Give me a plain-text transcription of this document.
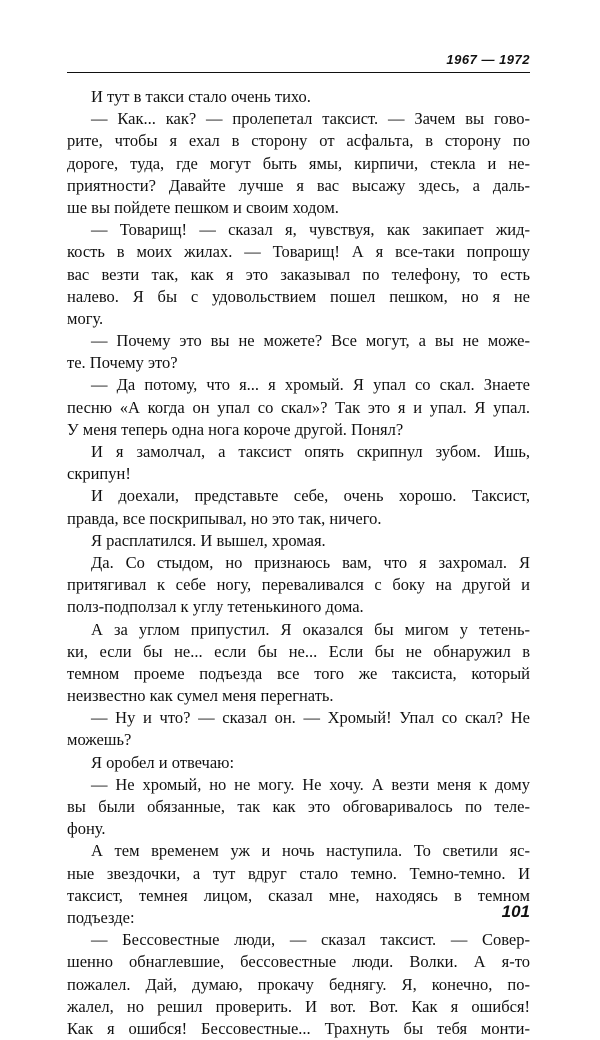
1967 — 1972
И тут в такси стало очень тихо.
— Как... как? — пролепетал таксист. — Зачем вы гово-
рите, чтобы я ехал в сторону от асфальта, в сторону по
дороге, туда, где могут быть ямы, кирпичи, стекла и не-
приятности? Давайте лучше я вас высажу здесь, а даль-
ше вы пойдете пешком и своим ходом.
— Товарищ! — сказал я, чувствуя, как закипает жид-
кость в моих жилах. — Товарищ! А я все-таки попрошу
вас везти так, как я это заказывал по телефону, то есть
налево. Я бы с удовольствием пошел пешком, но я не
могу.
— Почему это вы не можете? Все могут, а вы не може-
те. Почему это?
— Да потому, что я... я хромый. Я упал со скал. Знаете
песню «А когда он упал со скал»? Так это я и упал. Я упал.
У меня теперь одна нога короче другой. Понял?
И я замолчал, а таксист опять скрипнул зубом. Ишь,
скрипун!
И доехали, представьте себе, очень хорошо. Таксист,
правда, все поскрипывал, но это так, ничего.
Я расплатился. И вышел, хромая.
Да. Со стыдом, но признаюсь вам, что я захромал. Я
притягивал к себе ногу, переваливался с боку на другой и
полз-подползал к углу тетенькиного дома.
А за углом припустил. Я оказался бы мигом у тетень-
ки, если бы не... если бы не... Если бы не обнаружил в
темном проеме подъезда все того же таксиста, который
неизвестно как сумел меня перегнать.
— Ну и что? — сказал он. — Хромый! Упал со скал? Не
можешь?
Я оробел и отвечаю:
— Не хромый, но не могу. Не хочу. А везти меня к дому
вы были обязанные, так как это обговаривалось по теле-
фону.
А тем временем уж и ночь наступила. То светили яс-
ные звездочки, а тут вдруг стало темно. Темно-темно. И
таксист, темнея лицом, сказал мне, находясь в темном
подъезде:
— Бессовестные люди, — сказал таксист. — Совер-
шенно обнаглевшие, бессовестные люди. Волки. А я-то
пожалел. Дай, думаю, прокачу беднягу. Я, конечно, по-
жалел, но решил проверить. И вот. Вот. Как я ошибся!
Как я ошибся! Бессовестные... Трахнуть бы тебя монти-
101
